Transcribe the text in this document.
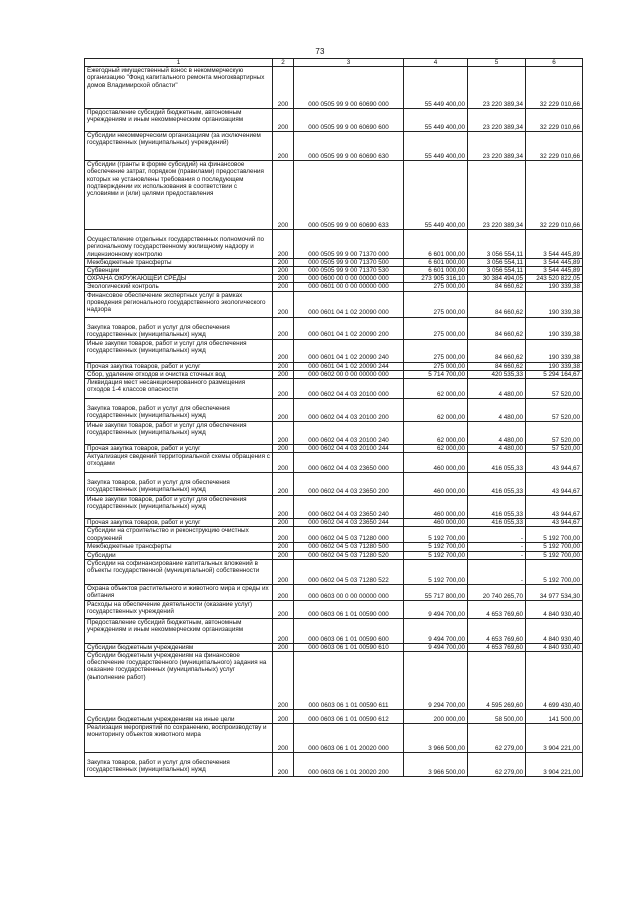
73
1	2	3	4	5	6
Ежегодный имущественный взнос в некоммерческую организацию "Фонд капитального ремонта многоквартирных домов Владимирской области"	200	000 0505 99 9 00 60690 000	55 449 400,00	23 220 389,34	32 229 010,66
Предоставление субсидий бюджетным, автономным учреждениям и иным некоммерческим организациям	200	000 0505 99 9 00 60690 600	55 449 400,00	23 220 389,34	32 229 010,66
Субсидии некоммерческим организациям (за исключением государственных (муниципальных) учреждений)	200	000 0505 99 9 00 60690 630	55 449 400,00	23 220 389,34	32 229 010,66
Субсидии (гранты в форме субсидий) на финансовое обеспечение затрат, порядком (правилами) предоставления которых не установлены требования о последующем подтверждении их использования в соответствии с условиями и (или) целями предоставления	200	000 0505 99 9 00 60690 633	55 449 400,00	23 220 389,34	32 229 010,66
Осуществление отдельных государственных полномочий по региональному государственному жилищному надзору и лицензионному контролю	200	000 0505 99 9 00 71370 000	6 601 000,00	3 056 554,11	3 544 445,89
Межбюджетные трансферты	200	000 0505 99 9 00 71370 500	6 601 000,00	3 056 554,11	3 544 445,89
Субвенции	200	000 0505 99 9 00 71370 530	6 601 000,00	3 056 554,11	3 544 445,89
ОХРАНА ОКРУЖАЮЩЕЙ СРЕДЫ	200	000 0600 00 0 00 00000 000	273 905 316,10	30 384 494,05	243 520 822,05
Экологический контроль	200	000 0601 00 0 00 00000 000	275 000,00	84 660,62	190 339,38
Финансовое обеспечение экспертных услуг в рамках проведения регионального государственного экологического надзора	200	000 0601 04 1 02 20090 000	275 000,00	84 660,62	190 339,38
Закупка товаров, работ и услуг для обеспечения государственных (муниципальных) нужд	200	000 0601 04 1 02 20090 200	275 000,00	84 660,62	190 339,38
Иные закупки товаров, работ и услуг для обеспечения государственных (муниципальных) нужд	200	000 0601 04 1 02 20090 240	275 000,00	84 660,62	190 339,38
Прочая закупка товаров, работ и услуг	200	000 0601 04 1 02 20090 244	275 000,00	84 660,62	190 339,38
Сбор, удаление отходов и очистка сточных вод	200	000 0602 00 0 00 00000 000	5 714 700,00	420 535,33	5 294 164,67
Ликвидация мест несанкционированного размещения отходов 1-4 классов опасности	200	000 0602 04 4 03 20100 000	62 000,00	4 480,00	57 520,00
Закупка товаров, работ и услуг для обеспечения государственных (муниципальных) нужд	200	000 0602 04 4 03 20100 200	62 000,00	4 480,00	57 520,00
Иные закупки товаров, работ и услуг для обеспечения государственных (муниципальных) нужд	200	000 0602 04 4 03 20100 240	62 000,00	4 480,00	57 520,00
Прочая закупка товаров, работ и услуг	200	000 0602 04 4 03 20100 244	62 000,00	4 480,00	57 520,00
Актуализация сведений территориальной схемы обращения с отходами	200	000 0602 04 4 03 23650 000	460 000,00	416 055,33	43 944,67
Закупка товаров, работ и услуг для обеспечения государственных (муниципальных) нужд	200	000 0602 04 4 03 23650 200	460 000,00	416 055,33	43 944,67
Иные закупки товаров, работ и услуг для обеспечения государственных (муниципальных) нужд	200	000 0602 04 4 03 23650 240	460 000,00	416 055,33	43 944,67
Прочая закупка товаров, работ и услуг	200	000 0602 04 4 03 23650 244	460 000,00	416 055,33	43 944,67
Субсидии на строительство и реконструкцию очистных сооружений	200	000 0602 04 5 03 71280 000	5 192 700,00	-	5 192 700,00
Межбюджетные трансферты	200	000 0602 04 5 03 71280 500	5 192 700,00	-	5 192 700,00
Субсидии	200	000 0602 04 5 03 71280 520	5 192 700,00	-	5 192 700,00
Субсидии на софинансирование капитальных вложений в объекты государственной (муниципальной) собственности	200	000 0602 04 5 03 71280 522	5 192 700,00	-	5 192 700,00
Охрана объектов растительного и животного мира и среды их обитания	200	000 0603 00 0 00 00000 000	55 717 800,00	20 740 265,70	34 977 534,30
Расходы на обеспечение деятельности (оказание услуг) государственных учреждений	200	000 0603 06 1 01 00590 000	9 494 700,00	4 653 769,60	4 840 930,40
Предоставление субсидий бюджетным, автономным учреждениям и иным некоммерческим организациям	200	000 0603 06 1 01 00590 600	9 494 700,00	4 653 769,60	4 840 930,40
Субсидии бюджетным учреждениям	200	000 0603 06 1 01 00590 610	9 494 700,00	4 653 769,60	4 840 930,40
Субсидии бюджетным учреждениям на финансовое обеспечение государственного (муниципального) задания на оказание государственных (муниципальных) услуг (выполнение работ)	200	000 0603 06 1 01 00590 611	9 294 700,00	4 595 269,60	4 699 430,40
Субсидии бюджетным учреждениям на иные цели	200	000 0603 06 1 01 00590 612	200 000,00	58 500,00	141 500,00
Реализация мероприятий по сохранению, воспроизводству и мониторингу объектов животного мира	200	000 0603 06 1 01 20020 000	3 966 500,00	62 279,00	3 904 221,00
Закупка товаров, работ и услуг для обеспечения государственных (муниципальных) нужд	200	000 0603 06 1 01 20020 200	3 966 500,00	62 279,00	3 904 221,00
